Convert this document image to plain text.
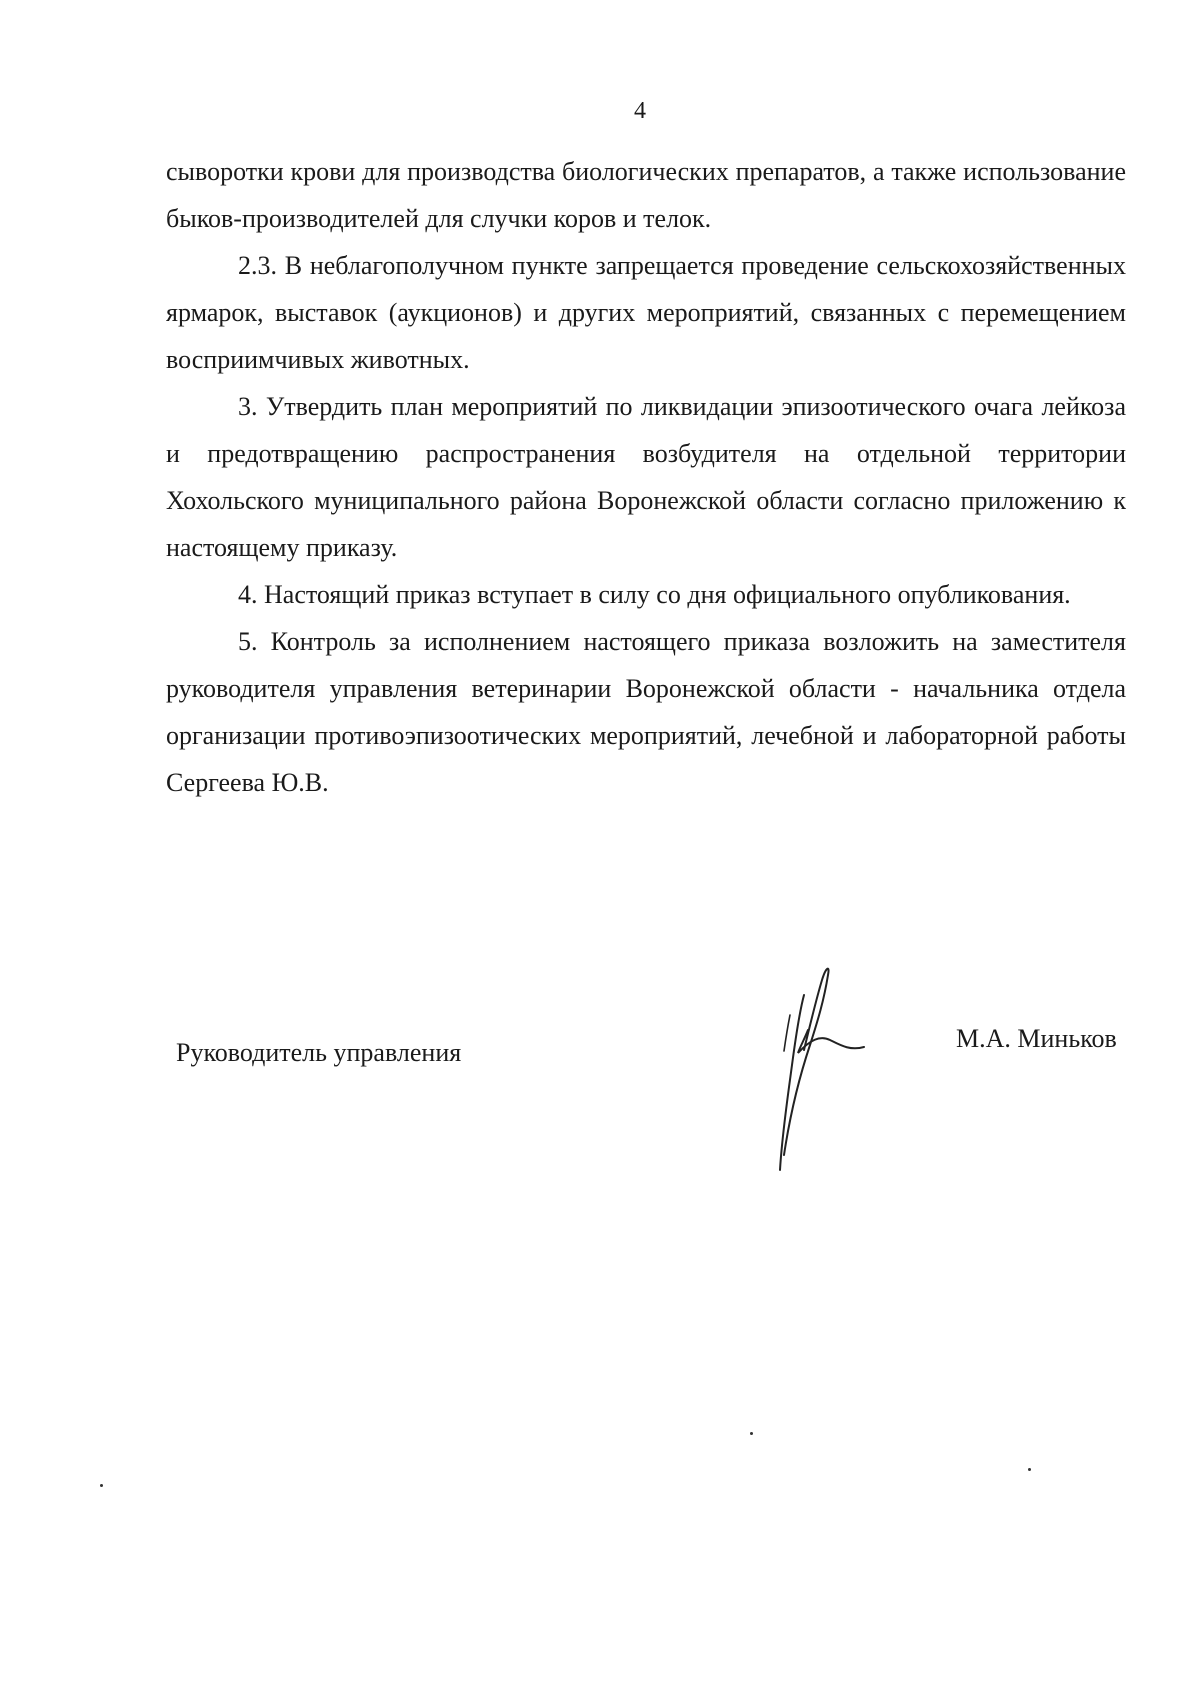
4

сыворотки крови для производства биологических препаратов, а также использование быков-производителей для случки коров и телок.

2.3. В неблагополучном пункте запрещается проведение сельскохозяйственных ярмарок, выставок (аукционов) и других мероприятий, связанных с перемещением восприимчивых животных.

3. Утвердить план мероприятий по ликвидации эпизоотического очага лейкоза и предотвращению распространения возбудителя на отдельной территории Хохольского муниципального района Воронежской области согласно приложению к настоящему приказу.

4. Настоящий приказ вступает в силу со дня официального опубликования.

5. Контроль за исполнением настоящего приказа возложить на заместителя руководителя управления ветеринарии Воронежской области - начальника отдела организации противоэпизоотических мероприятий, лечебной и лабораторной работы Сергеева Ю.В.

Руководитель управления	М.А. Миньков
